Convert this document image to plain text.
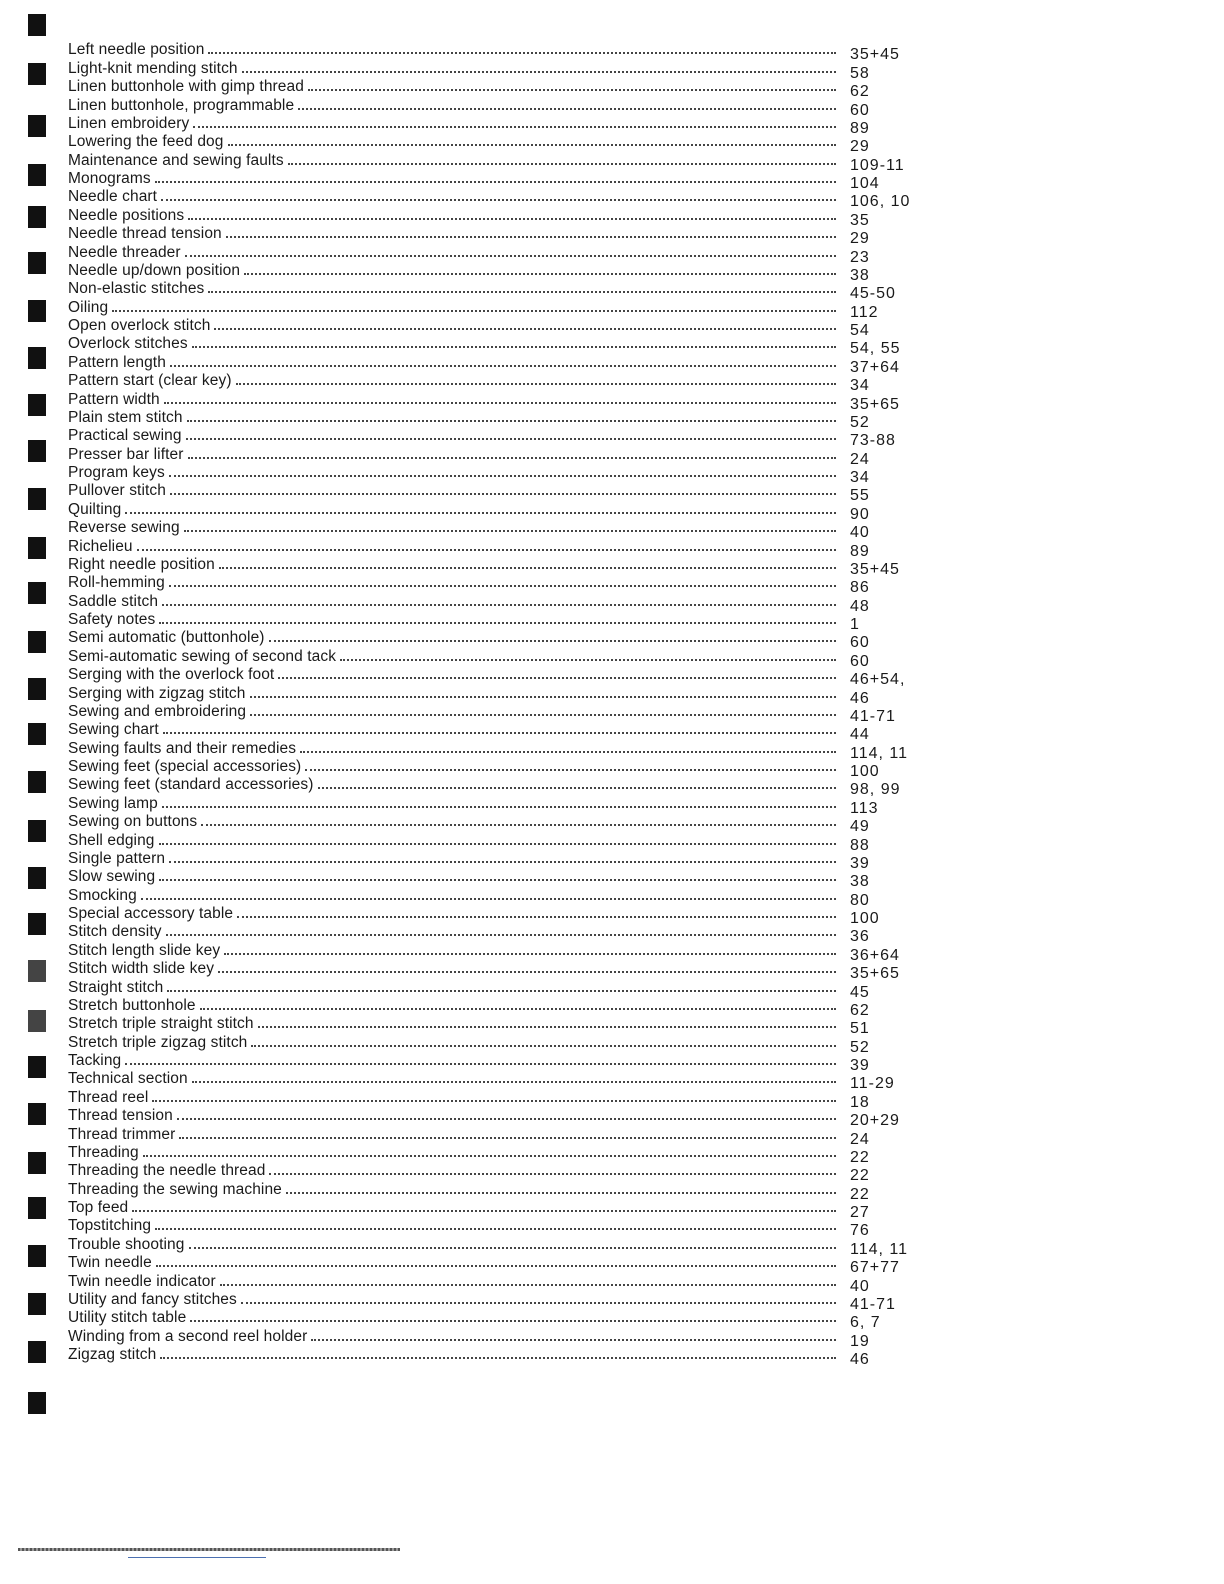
Left needle position	35+45
Light-knit mending stitch	58
Linen buttonhole with gimp thread	62
Linen buttonhole, programmable	60
Linen embroidery	89
Lowering the feed dog	29
Maintenance and sewing faults	109-11
Monograms	104
Needle chart	106, 10
Needle positions	35
Needle thread tension	29
Needle threader	23
Needle up/down position	38
Non-elastic stitches	45-50
Oiling	112
Open overlock stitch	54
Overlock stitches	54, 55
Pattern length	37+64
Pattern start (clear key)	34
Pattern width	35+65
Plain stem stitch	52
Practical sewing	73-88
Presser bar lifter	24
Program keys	34
Pullover stitch	55
Quilting	90
Reverse sewing	40
Richelieu	89
Right needle position	35+45
Roll-hemming	86
Saddle stitch	48
Safety notes	1
Semi automatic (buttonhole)	60
Semi-automatic sewing of second tack	60
Serging with the overlock foot	46+54,
Serging with zigzag stitch	46
Sewing and embroidering	41-71
Sewing chart	44
Sewing faults and their remedies	114, 11
Sewing feet (special accessories)	100
Sewing feet (standard accessories)	98, 99
Sewing lamp	113
Sewing on buttons	49
Shell edging	88
Single pattern	39
Slow sewing	38
Smocking	80
Special accessory table	100
Stitch density	36
Stitch length slide key	36+64
Stitch width slide key	35+65
Straight stitch	45
Stretch buttonhole	62
Stretch triple straight stitch	51
Stretch triple zigzag stitch	52
Tacking	39
Technical section	11-29
Thread reel	18
Thread tension	20+29
Thread trimmer	24
Threading	22
Threading the needle thread	22
Threading the sewing machine	22
Top feed	27
Topstitching	76
Trouble shooting	114, 11
Twin needle	67+77
Twin needle indicator	40
Utility and fancy stitches	41-71
Utility stitch table	6, 7
Winding from a second reel holder	19
Zigzag stitch	46
